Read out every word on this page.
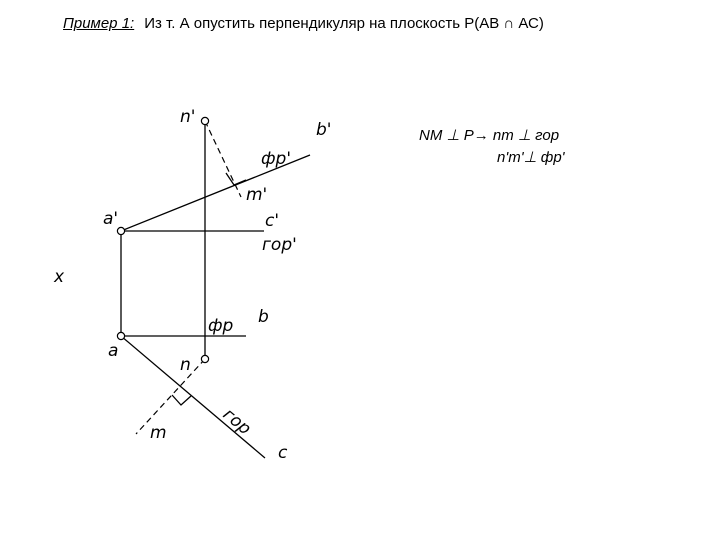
Пример 1: Из т. А опустить перпендикуляр на плоскость Р(АВ ∩ АС)
NM ⊥ P→ nm ⊥ гор
n'm'⊥ фр'
n'
b'
фр'
m'
a'	c'
гор'
x
фр b
a
n
гор
m
c
